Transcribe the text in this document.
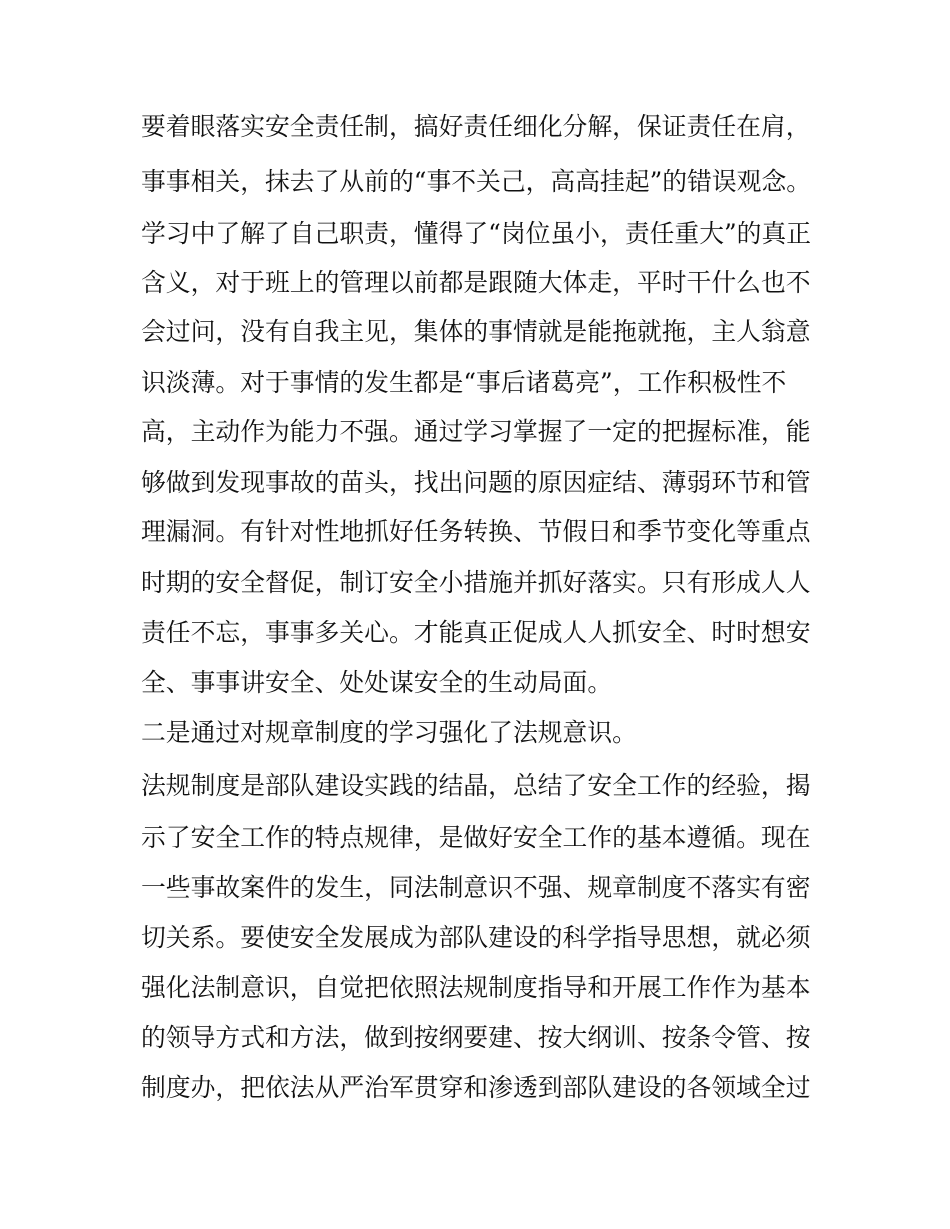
要着眼落实安全责任制，搞好责任细化分解，保证责任在肩，
事事相关，抹去了从前的“事不关己，高高挂起”的错误观念。
学习中了解了自己职责，懂得了“岗位虽小，责任重大”的真正
含义，对于班上的管理以前都是跟随大体走，平时干什么也不
会过问，没有自我主见，集体的事情就是能拖就拖，主人翁意
识淡薄。对于事情的发生都是“事后诸葛亮”，工作积极性不
高，主动作为能力不强。通过学习掌握了一定的把握标准，能
够做到发现事故的苗头，找出问题的原因症结、薄弱环节和管
理漏洞。有针对性地抓好任务转换、节假日和季节变化等重点
时期的安全督促，制订安全小措施并抓好落实。只有形成人人
责任不忘，事事多关心。才能真正促成人人抓安全、时时想安
全、事事讲安全、处处谋安全的生动局面。
二是通过对规章制度的学习强化了法规意识。
法规制度是部队建设实践的结晶，总结了安全工作的经验，揭
示了安全工作的特点规律，是做好安全工作的基本遵循。现在
一些事故案件的发生，同法制意识不强、规章制度不落实有密
切关系。要使安全发展成为部队建设的科学指导思想，就必须
强化法制意识，自觉把依照法规制度指导和开展工作作为基本
的领导方式和方法，做到按纲要建、按大纲训、按条令管、按
制度办，把依法从严治军贯穿和渗透到部队建设的各领域全过
